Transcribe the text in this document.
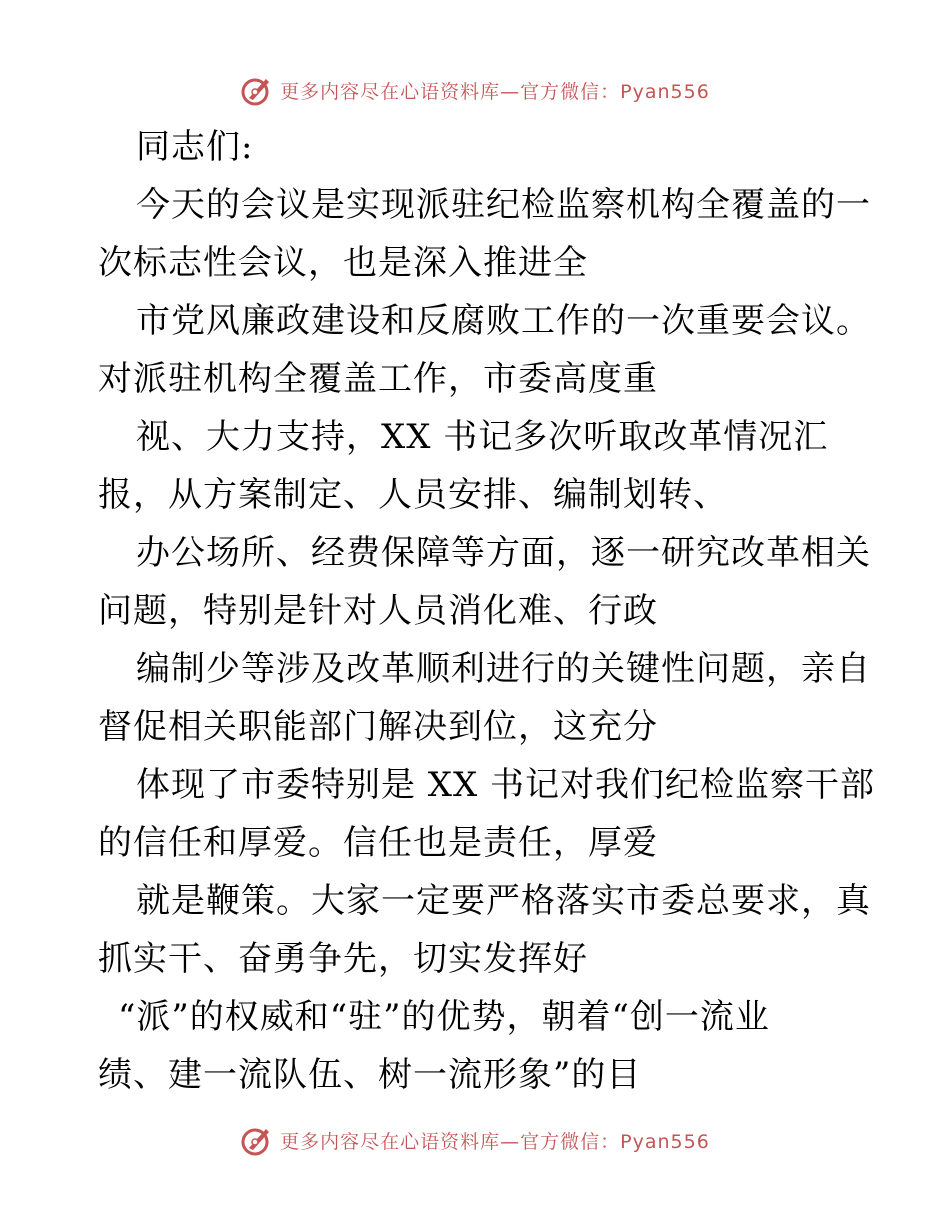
更多内容尽在心语资料库—官方微信：Pyan556
同志们:
今天的会议是实现派驻纪检监察机构全覆盖的一
次标志性会议，也是深入推进全
市党风廉政建设和反腐败工作的一次重要会议。
对派驻机构全覆盖工作，市委高度重
视、大力支持，XX 书记多次听取改革情况汇
报，从方案制定、人员安排、编制划转、
办公场所、经费保障等方面，逐一研究改革相关
问题，特别是针对人员消化难、行政
编制少等涉及改革顺利进行的关键性问题，亲自
督促相关职能部门解决到位，这充分
体现了市委特别是 XX 书记对我们纪检监察干部
的信任和厚爱。信任也是责任，厚爱
就是鞭策。大家一定要严格落实市委总要求，真
抓实干、奋勇争先，切实发挥好
“派”的权威和“驻”的优势，朝着“创一流业
绩、建一流队伍、树一流形象”的目
更多内容尽在心语资料库—官方微信：Pyan556
